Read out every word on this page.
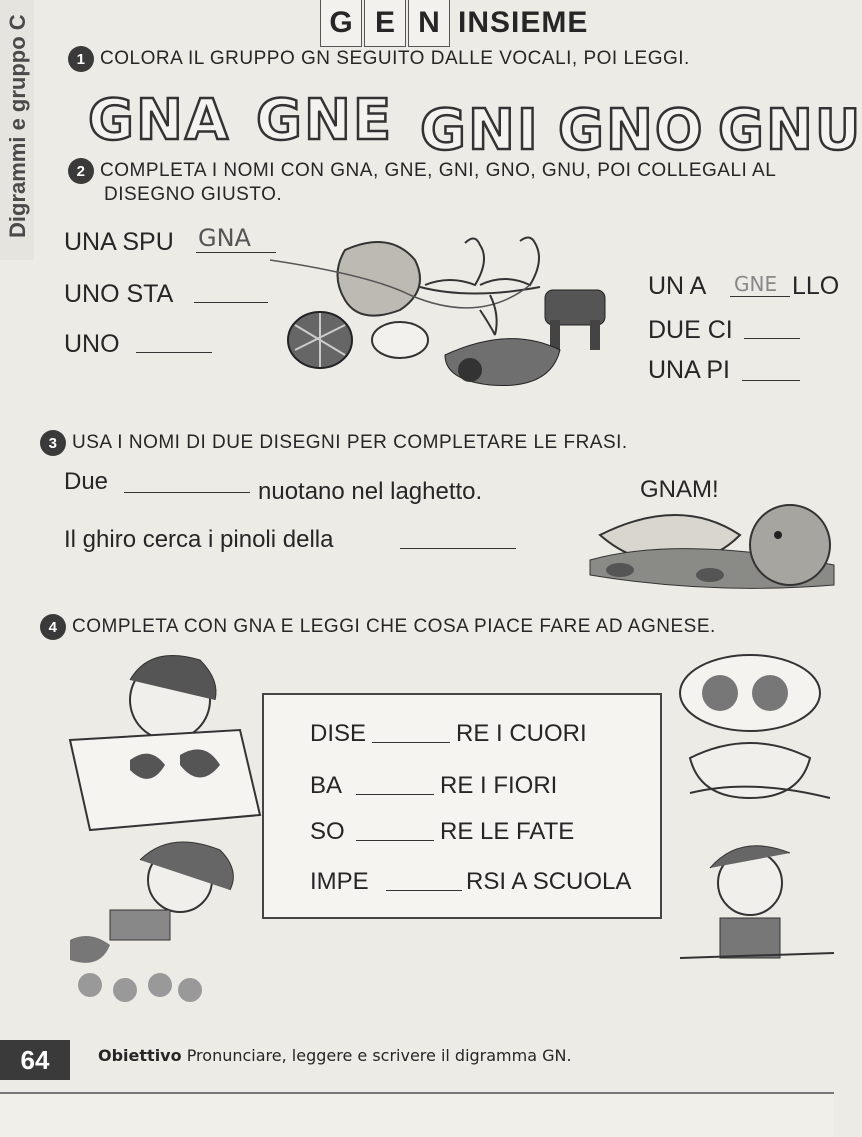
Digrammi e gruppo C	G E N INSIEME
1 COLORA IL GRUPPO GN SEGUITO DALLE VOCALI, POI LEGGI.
GNA GNE GNI GNO GNU
2 COMPLETA I NOMI CON GNA, GNE, GNI, GNO, GNU, POI COLLEGALI AL
DISEGNO GIUSTO.
UNA SPU GNA
UNO STA
UNO
UN A GNE LLO
DUE CI
UNA PI
3 USA I NOMI DI DUE DISEGNI PER COMPLETARE LE FRASI.
Due	nuotano nel laghetto.
Il ghiro cerca i pinoli della
GNAM!
4 COMPLETA CON GNA E LEGGI CHE COSA PIACE FARE AD AGNESE.
DISE	RE I CUORI
BA	RE I FIORI
SO	RE LE FATE
IMPE	RSI A SCUOLA
64	Obiettivo Pronunciare, leggere e scrivere il digramma GN.
